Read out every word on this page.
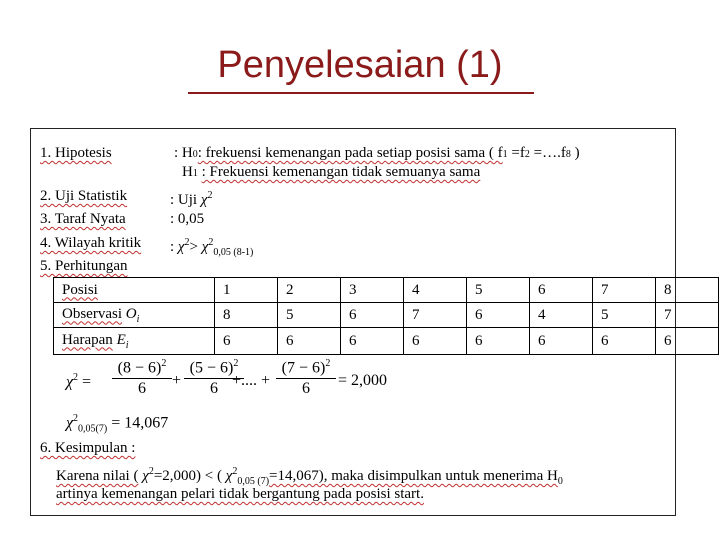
Penyelesaian (1)
1. Hipotesis	: H0: frekuensi kemenangan pada setiap posisi sama ( f1 =f2 =….f8 )
H1 : Frekuensi kemenangan tidak semuanya sama
2. Uji Statistik	: Uji $\chi^2$
3. Taraf Nyata	: 0,05
4. Wilayah kritik : $\chi^2> \chi^2_{0,05 (8-1)}$
5. Perhitungan
Posisi	1	2	3	4	5	6	7	8
Observasi $O_i$	8	5	6	7	6	4	5	7
Harapan $E_i$	6	6	6	6	6	6	6	6
$\chi^2$ =
$(8 - 6)^2$
6	+
$(5 - 6)^2$
6 +.... +
$(7 - 6)^2$
6	= 2,000
$\chi^2_{0,05(7)} = 14,067$
6. Kesimpulan :
Karena nilai ( $\chi^2=2,000$) < ( $\chi^2_{0,05 (7)}=14,067$), maka disimpulkan untuk menerima $H_0$
artinya kemenangan pelari tidak bergantung pada posisi start.
